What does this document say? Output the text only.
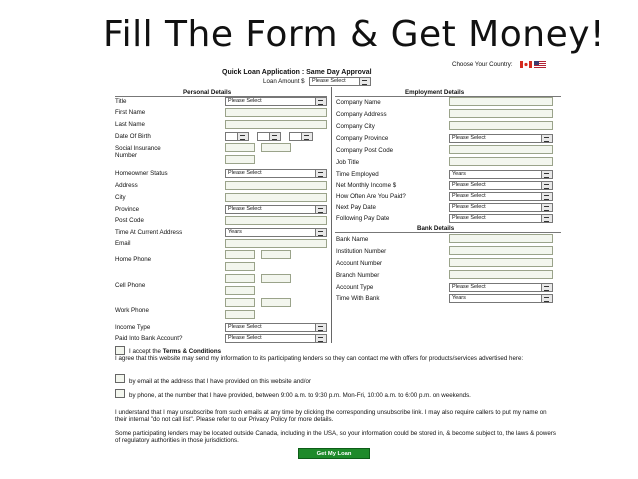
Fill The Form & Get Money!
Choose Your Country:
Quick Loan Application : Same Day Approval
Loan Amount $	Please Select
Personal Details	Employment Details
Title	Please Select
First Name
Last Name
Date Of Birth
Social Insurance Number
Homeowner Status	Please Select
Address
City
Province	Please Select
Post Code
Time At Current Address	Years
Email
Home Phone
Cell Phone
Work Phone
Income Type	Please Select
Paid Into Bank Account?	Please Select
Company Name
Company Address
Company City
Company Province	Please Select
Company Post Code
Job Title
Time Employed	Years
Net Monthly Income $	Please Select
How Often Are You Paid?	Please Select
Next Pay Date	Please Select
Following Pay Date	Please Select
Bank Details
Bank Name
Institution Number
Account Number
Branch Number
Account Type	Please Select
Time With Bank	Years
I accept the Terms & Conditions
I agree that this website may send my information to its participating lenders so they can contact me with offers for products/services advertised here:
by email at the address that I have provided on this website and/or
by phone, at the number that I have provided, between 9:00 a.m. to 9:30 p.m. Mon-Fri, 10:00 a.m. to 6:00 p.m. on weekends.
I understand that I may unsubscribe from such emails at any time by clicking the corresponding unsubscribe link. I may also require callers to put my name on their internal "do not call list". Please refer to our Privacy Policy for more details.
Some participating lenders may be located outside Canada, including in the USA, so your information could be stored in, & become subject to, the laws & powers of regulatory authorities in those jurisdictions.
Get My Loan
